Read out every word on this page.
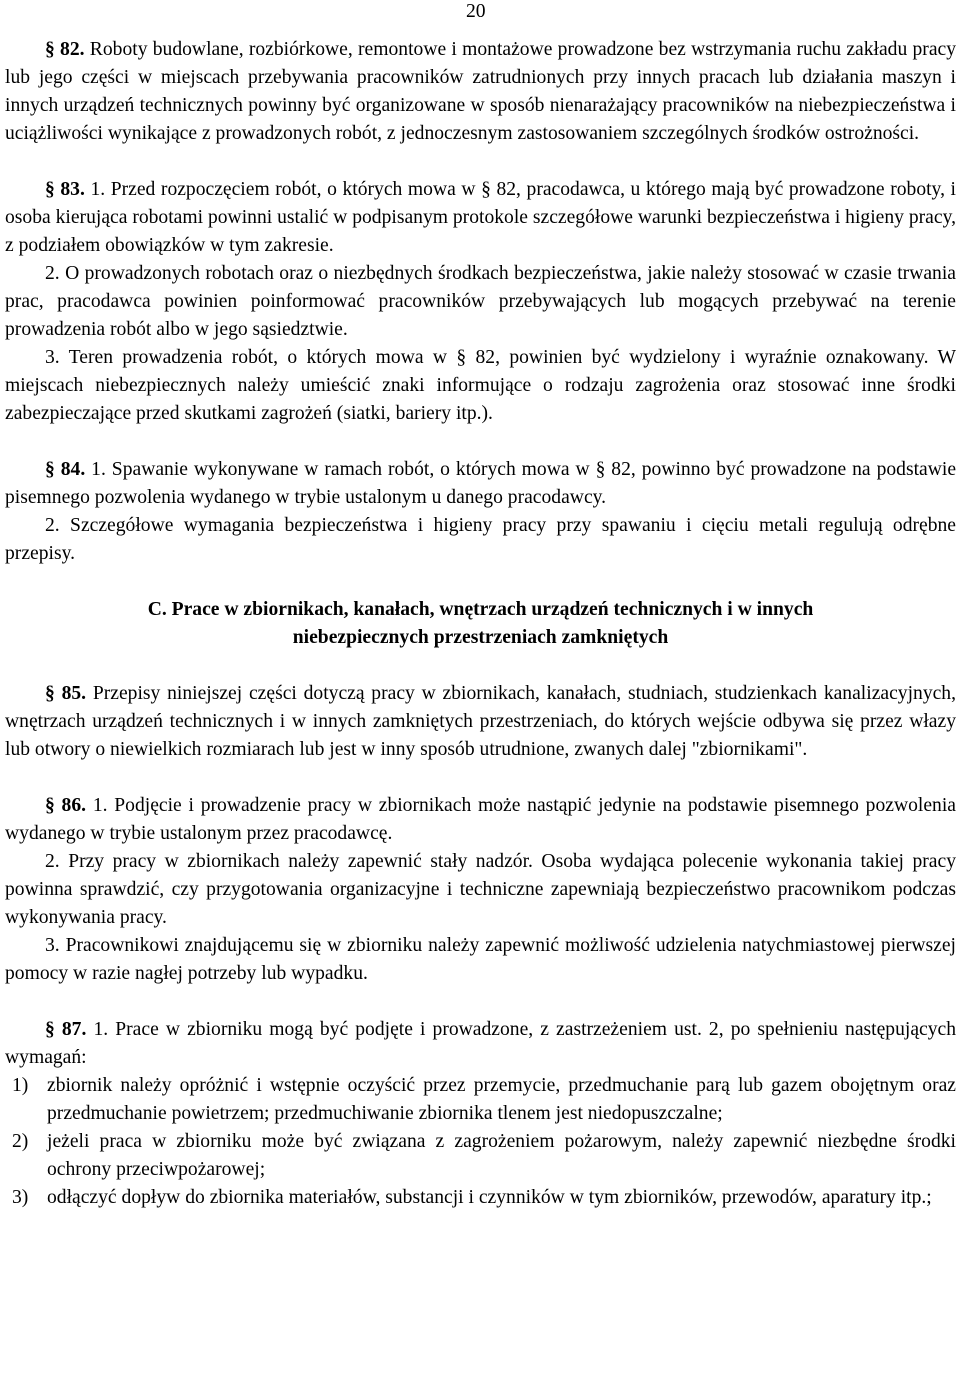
20

§ 82. Roboty budowlane, rozbiórkowe, remontowe i montażowe prowadzone bez wstrzymania ruchu zakładu pracy lub jego części w miejscach przebywania pracowników zatrudnionych przy innych pracach lub działania maszyn i innych urządzeń technicznych powinny być organizowane w sposób nienarażający pracowników na niebezpieczeństwa i uciążliwości wynikające z prowadzonych robót, z jednoczesnym zastosowaniem szczególnych środków ostrożności.

§ 83. 1. Przed rozpoczęciem robót, o których mowa w § 82, pracodawca, u którego mają być prowadzone roboty, i osoba kierująca robotami powinni ustalić w podpisanym protokole szczegółowe warunki bezpieczeństwa i higieny pracy, z podziałem obowiązków w tym zakresie.

2. O prowadzonych robotach oraz o niezbędnych środkach bezpieczeństwa, jakie należy stosować w czasie trwania prac, pracodawca powinien poinformować pracowników przebywających lub mogących przebywać na terenie prowadzenia robót albo w jego sąsiedztwie.

3. Teren prowadzenia robót, o których mowa w § 82, powinien być wydzielony i wyraźnie oznakowany. W miejscach niebezpiecznych należy umieścić znaki informujące o rodzaju zagrożenia oraz stosować inne środki zabezpieczające przed skutkami zagrożeń (siatki, bariery itp.).

§ 84. 1. Spawanie wykonywane w ramach robót, o których mowa w § 82, powinno być prowadzone na podstawie pisemnego pozwolenia wydanego w trybie ustalonym u danego pracodawcy.

2. Szczegółowe wymagania bezpieczeństwa i higieny pracy przy spawaniu i cięciu metali regulują odrębne przepisy.

C. Prace w zbiornikach, kanałach, wnętrzach urządzeń technicznych i w innych

niebezpiecznych przestrzeniach zamkniętych

§ 85. Przepisy niniejszej części dotyczą pracy w zbiornikach, kanałach, studniach, studzienkach kanalizacyjnych, wnętrzach urządzeń technicznych i w innych zamkniętych przestrzeniach, do których wejście odbywa się przez włazy lub otwory o niewielkich rozmiarach lub jest w inny sposób utrudnione, zwanych dalej "zbiornikami".

§ 86. 1. Podjęcie i prowadzenie pracy w zbiornikach może nastąpić jedynie na podstawie pisemnego pozwolenia wydanego w trybie ustalonym przez pracodawcę.

2. Przy pracy w zbiornikach należy zapewnić stały nadzór. Osoba wydająca polecenie wykonania takiej pracy powinna sprawdzić, czy przygotowania organizacyjne i techniczne zapewniają bezpieczeństwo pracownikom podczas wykonywania pracy.

3. Pracownikowi znajdującemu się w zbiorniku należy zapewnić możliwość udzielenia natychmiastowej pierwszej pomocy w razie nagłej potrzeby lub wypadku.

§ 87. 1. Prace w zbiorniku mogą być podjęte i prowadzone, z zastrzeżeniem ust. 2, po spełnieniu następujących wymagań:

1) zbiornik należy opróżnić i wstępnie oczyścić przez przemycie, przedmuchanie parą lub gazem obojętnym oraz przedmuchanie powietrzem; przedmuchiwanie zbiornika tlenem jest niedopuszczalne;
2) jeżeli praca w zbiorniku może być związana z zagrożeniem pożarowym, należy zapewnić niezbędne środki ochrony przeciwpożarowej;
3) odłączyć dopływ do zbiornika materiałów, substancji i czynników w tym zbiorników, przewodów, aparatury itp.;
